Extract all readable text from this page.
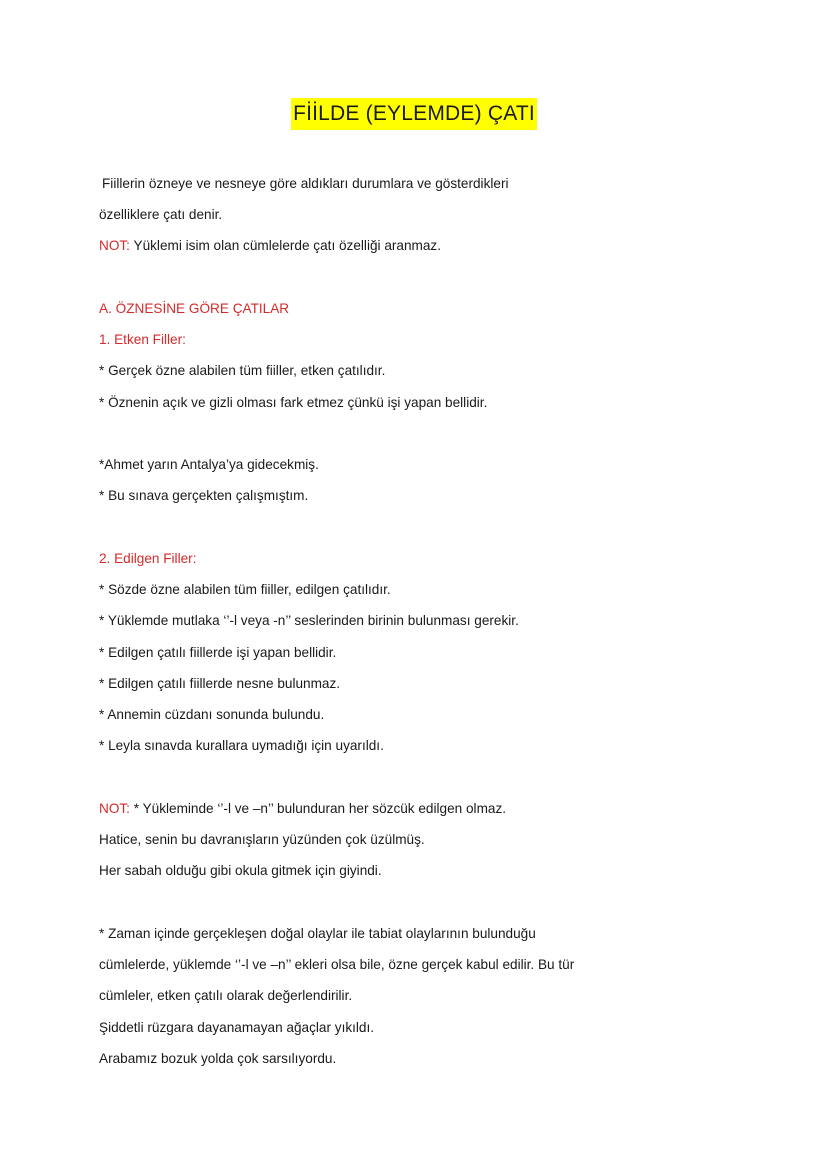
FİİLDE (EYLEMDE) ÇATI
Fiillerin özneye ve nesneye göre aldıkları durumlara ve gösterdikleri
özelliklere çatı denir.
NOT: Yüklemi isim olan cümlelerde çatı özelliği aranmaz.
A. ÖZNESİNE GÖRE ÇATILAR
1. Etken Filler:
* Gerçek özne alabilen tüm fiiller, etken çatılıdır.
* Öznenin açık ve gizli olması fark etmez çünkü işi yapan bellidir.
*Ahmet yarın Antalya’ya gidecekmiş.
* Bu sınava gerçekten çalışmıştım.
2. Edilgen Filler:
* Sözde özne alabilen tüm fiiller, edilgen çatılıdır.
* Yüklemde mutlaka ‘’-l veya -n’’ seslerinden birinin bulunması gerekir.
* Edilgen çatılı fiillerde işi yapan bellidir.
* Edilgen çatılı fiillerde nesne bulunmaz.
* Annemin cüzdanı sonunda bulundu.
* Leyla sınavda kurallara uymadığı için uyarıldı.
NOT: * Yükleminde ‘’-l ve –n’’ bulunduran her sözcük edilgen olmaz.
Hatice, senin bu davranışların yüzünden çok üzülmüş.
Her sabah olduğu gibi okula gitmek için giyindi.
* Zaman içinde gerçekleşen doğal olaylar ile tabiat olaylarının bulunduğu
cümlelerde, yüklemde ‘’-l ve –n’’ ekleri olsa bile, özne gerçek kabul edilir. Bu tür
cümleler, etken çatılı olarak değerlendirilir.
Şiddetli rüzgara dayanamayan ağaçlar yıkıldı.
Arabamız bozuk yolda çok sarsılıyordu.
